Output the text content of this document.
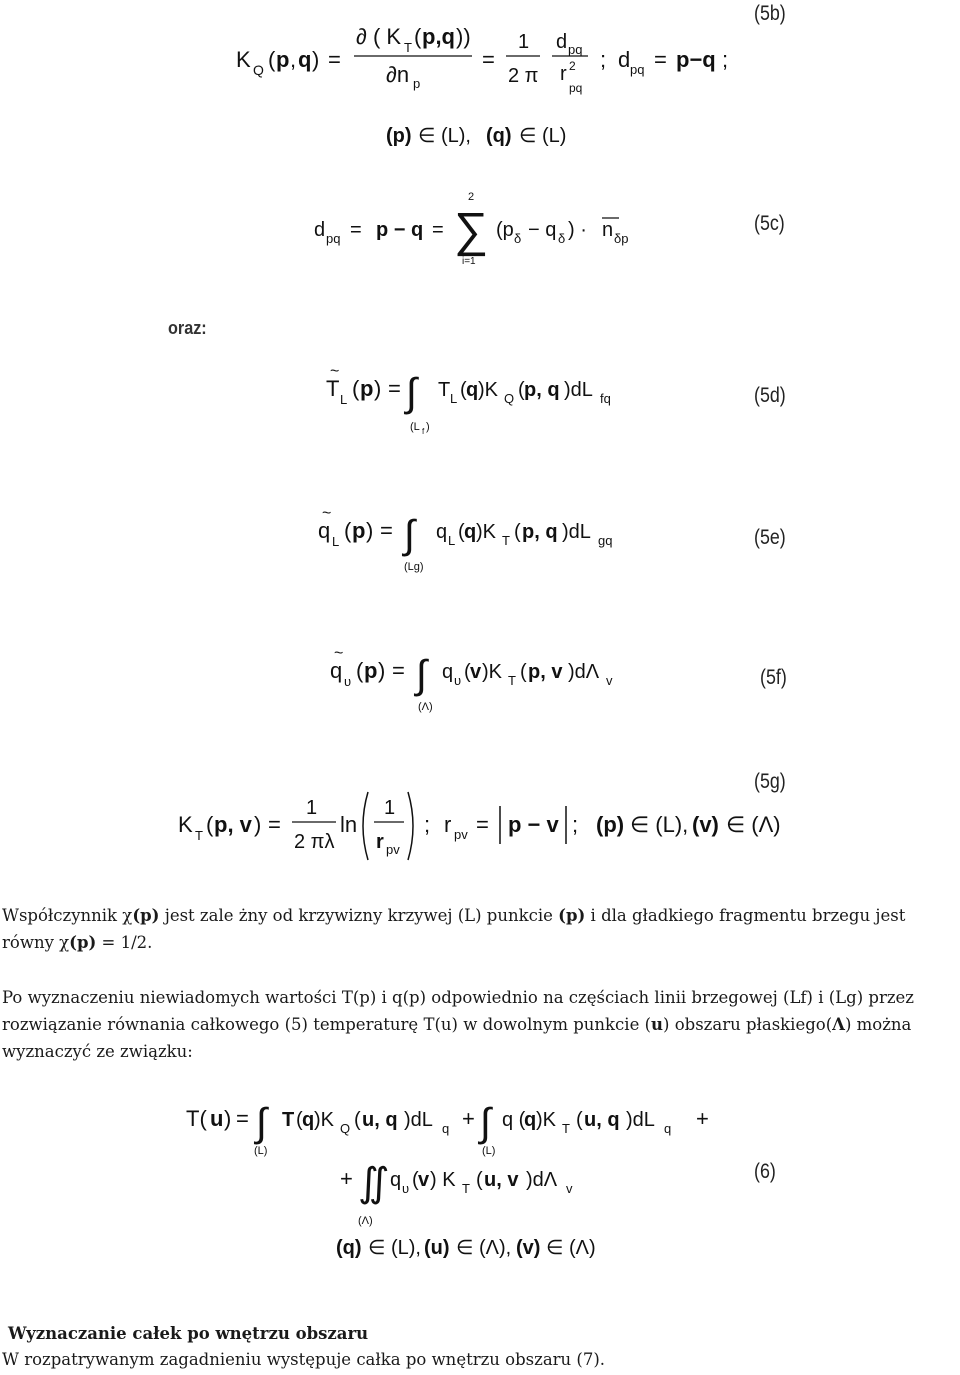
K Q ( p , q ) =
∂ ( K T ( p,q ))
∂n p
=
1
2 π
d pq
r 2
pq
; d pq = p−q ;
(5b)
(p) ∈ (L), (q) ∈ (L)
d pq = p − q =
2
∑
i=1
(p δ − q δ ) · n δp
(5c)
oraz:
~
T L ( p ) = ∫
(L f )
T L ( q )K Q ( p, q )dL fq	(5d)
~
q L ( p ) = ∫
(Lg)
q L ( q )K T ( p, q )dL gq	(5e)
~
q υ ( p ) = ∫
(Λ)
q υ ( v )K T ( p, v )dΛ v	(5f)
(5g)
K T ( p, v ) =
1
2 πλ
ln
1
r pv
; r pv = p − v ; (p) ∈ (L), (v) ∈ (Λ)
Współczynnik χ(p) jest zale żny od krzywizny krzywej (L) punkcie (p) i dla gładkiego fragmentu brzegu jest równy χ(p) = 1/2.
Po wyznaczeniu niewiadomych wartości T(p) i q(p) odpowiednio na częściach linii brzegowej (Lf) i (Lg) przez rozwiązanie równania całkowego (5) temperaturę T(u) w dowolnym punkcie (u) obszaru płaskiego(Λ) można wyznaczyć ze związku:
T( u ) = ∫
(L)
T ( q )K Q ( u, q )dL q + ∫
(L)
q (
q )K T ( u, q )dL q +
+ ∬
(Λ)
q υ ( v ) K T ( u, v )dΛ v
(q) ∈ (L), (u) ∈ (Λ), (v) ∈ (Λ)
(6)
Wyznaczanie całek po wnętrzu obszaru
W rozpatrywanym zagadnieniu występuje całka po wnętrzu obszaru (7).
